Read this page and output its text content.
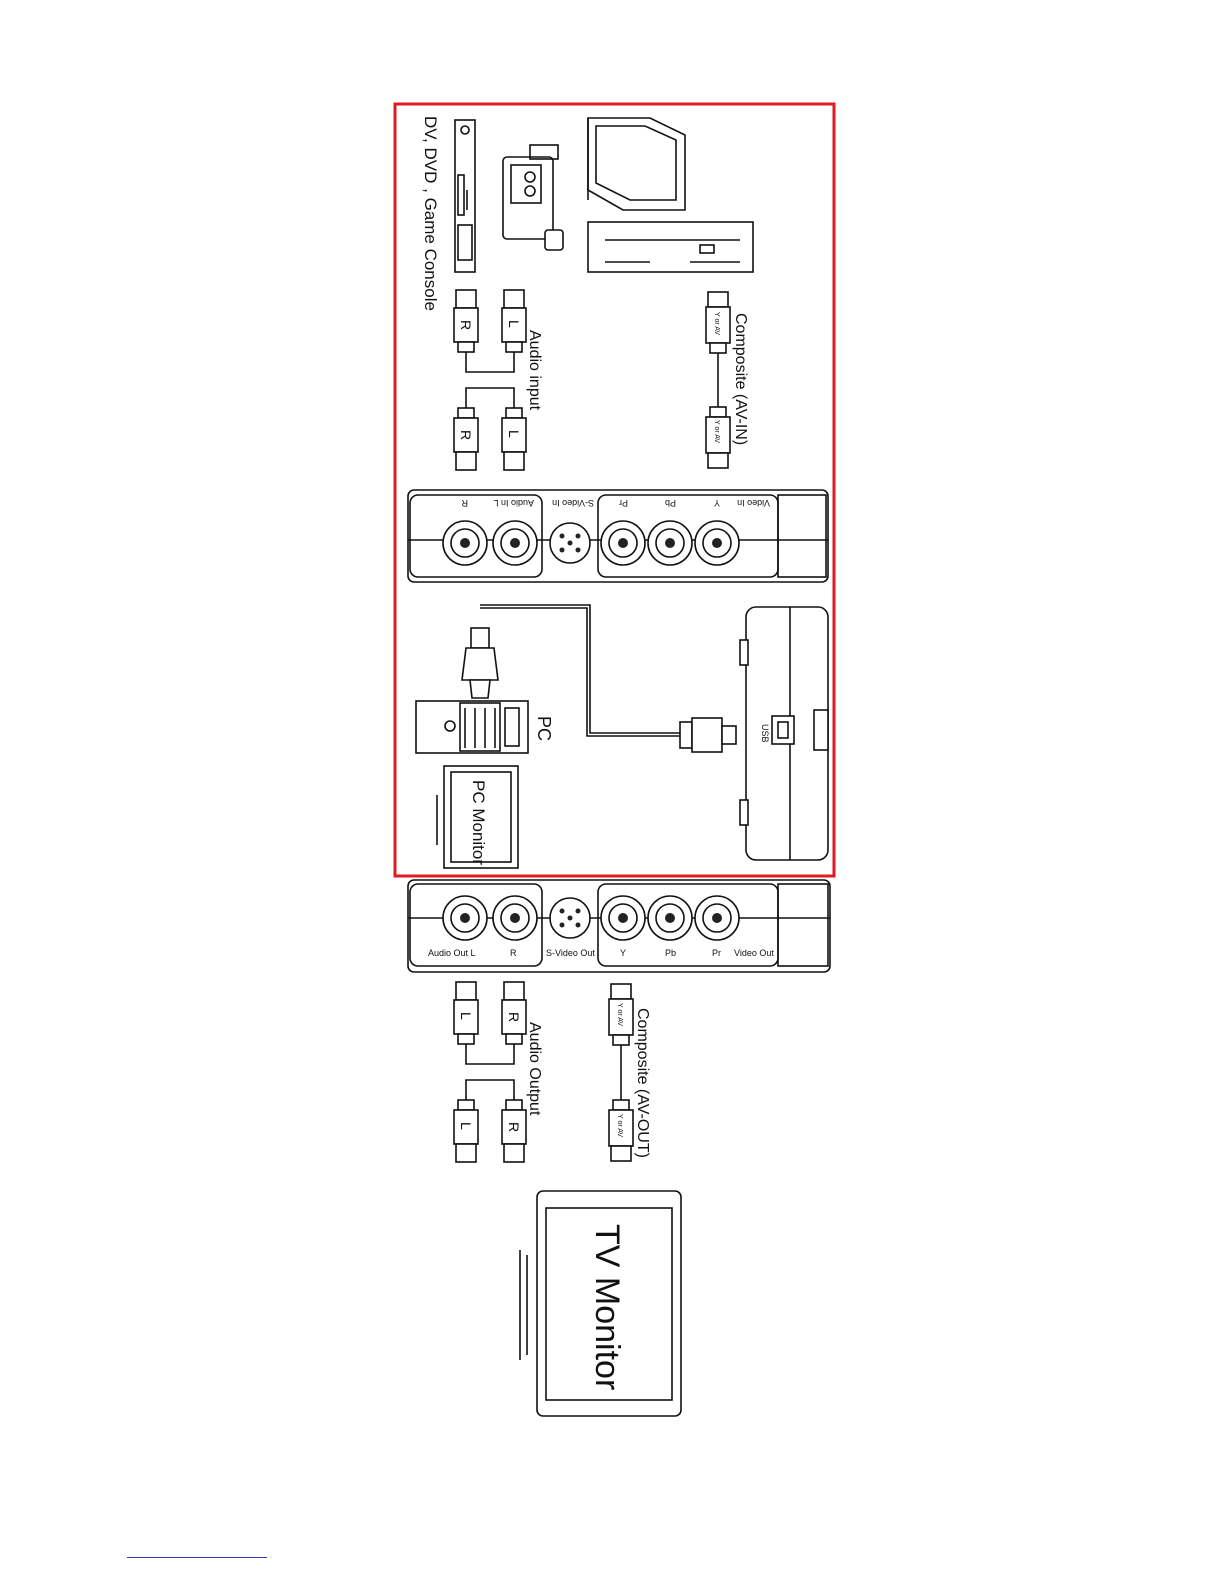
DV, DVD , Game Console
Y or AV
Y or AV Composite (AV-IN)
R L
R L
Audio input
R	Audio In L S-Video In	Pr	Pb	Y Video In
PC
PC Monitor
USB
Audio Out L	R	S-Video Out	Y	Pb	Pr Video Out
L R
L R
Audio Output
Y or AV
Y or AV Composite (AV-OUT)
TV Monitor
